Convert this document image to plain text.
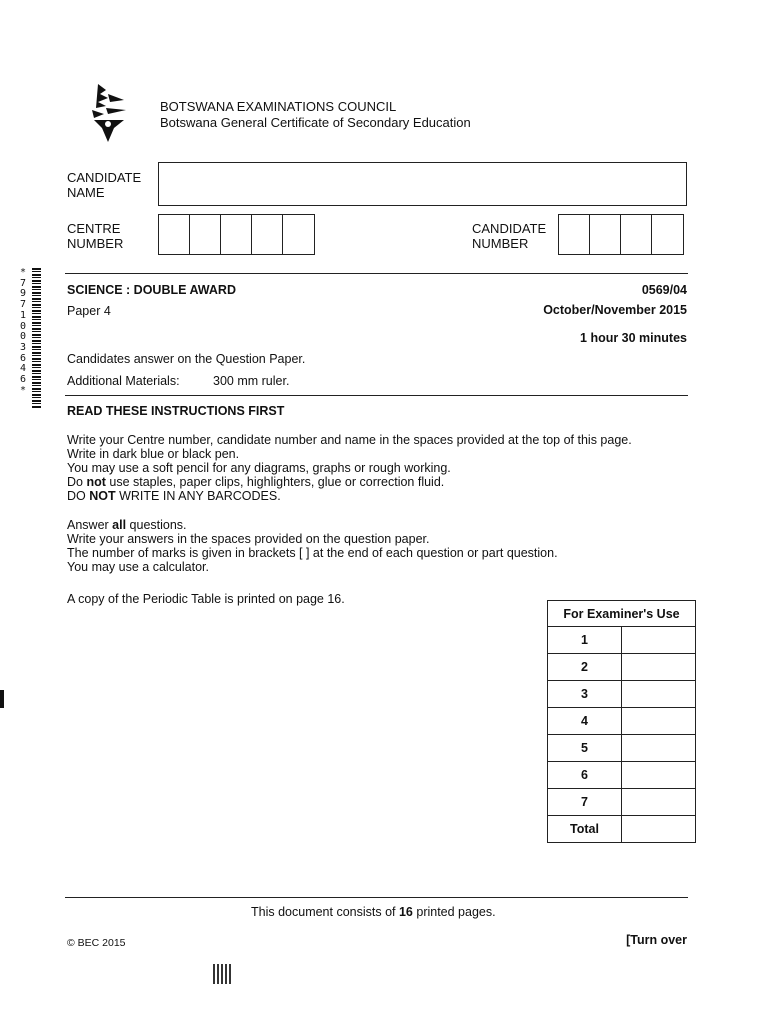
BOTSWANA EXAMINATIONS COUNCIL
Botswana General Certificate of Secondary Education
CANDIDATE
NAME
CENTRE
NUMBER
CANDIDATE
NUMBER
*
7
9
7
1
0
0
3
6
4
6
*
SCIENCE : DOUBLE AWARD	0569/04
Paper 4	October/November 2015
1 hour 30 minutes
Candidates answer on the Question Paper.
Additional Materials:	300 mm ruler.
READ THESE INSTRUCTIONS FIRST

Write your Centre number, candidate number and name in the spaces provided at the top of this page.

Write in dark blue or black pen.

You may use a soft pencil for any diagrams, graphs or rough working.

Do not use staples, paper clips, highlighters, glue or correction fluid.

DO NOT WRITE IN ANY BARCODES.

Answer all questions.

Write your answers in the spaces provided on the question paper.

The number of marks is given in brackets [ ] at the end of each question or part question.

You may use a calculator.

A copy of the Periodic Table is printed on page 16.
For Examiner's Use	
1	
2	
3	
4	
5	
6	
7	
Total	
This document consists of 16 printed pages.
© BEC 2015	[Turn over
